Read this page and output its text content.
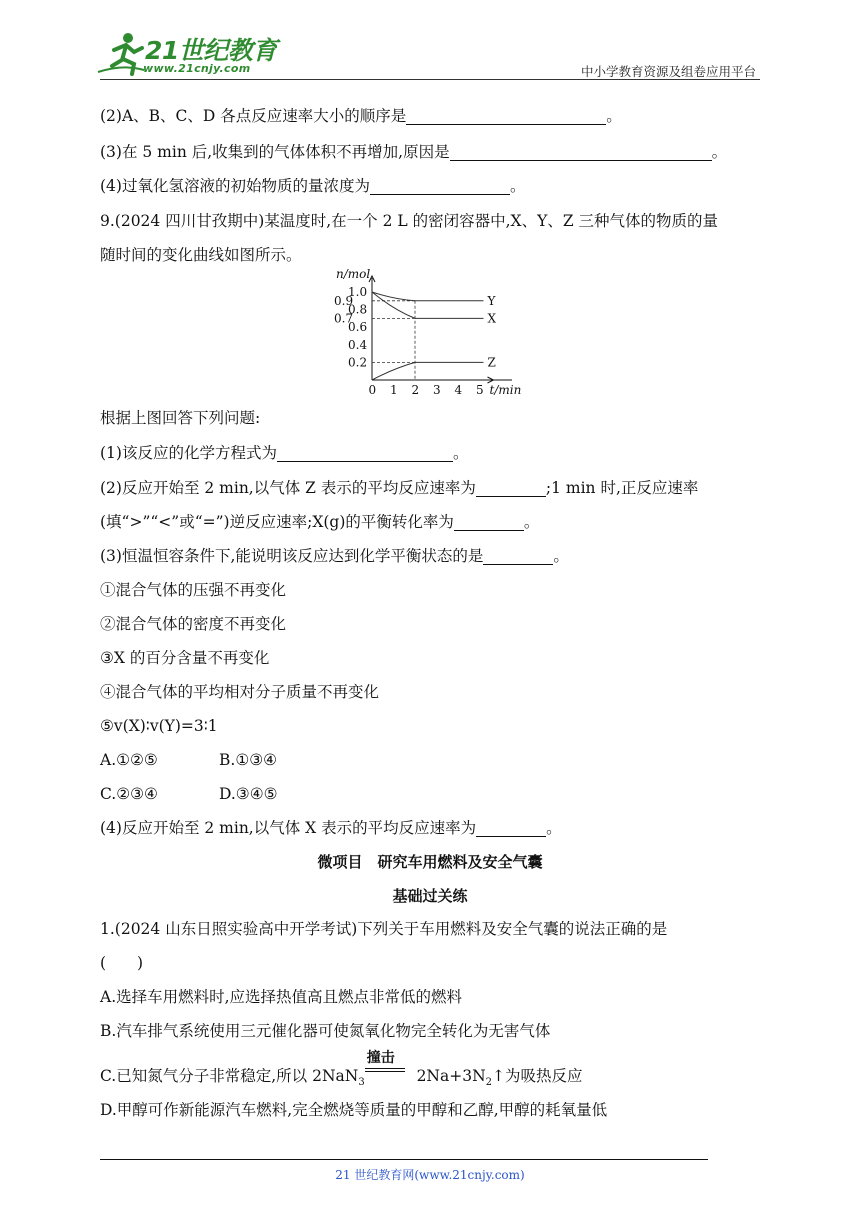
21世纪教育
www.21cnjy.com	中小学教育资源及组卷应用平台
(2)A、B、C、D 各点反应速率大小的顺序是	。
(3)在 5 min 后,收集到的气体体积不再增加,原因是	。
(4)过氧化氢溶液的初始物质的量浓度为	。
9.(2024 四川甘孜期中)某温度时,在一个 2 L 的密闭容器中,X、Y、Z 三种气体的物质的量
随时间的变化曲线如图所示。
n/mol
t/min
1.0
0.9
0.8
0.7
0.6
0.4
0.2
0 1 2 3 4 5
Y
X
Z
根据上图回答下列问题:
(1)该反应的化学方程式为	。
(2)反应开始至 2 min,以气体 Z 表示的平均反应速率为	;1 min 时,正反应速率
(填“>”“<”或“=”)逆反应速率;X(g)的平衡转化率为	。
(3)恒温恒容条件下,能说明该反应达到化学平衡状态的是	。
①混合气体的压强不再变化
②混合气体的密度不再变化
③X 的百分含量不再变化
④混合气体的平均相对分子质量不再变化
⑤v(X)∶v(Y)=3∶1
A.①②⑤	B.①③④
C.②③④	D.③④⑤
(4)反应开始至 2 min,以气体 X 表示的平均反应速率为	。
微项目　研究车用燃料及安全气囊
基础过关练
1.(2024 山东日照实验高中开学考试)下列关于车用燃料及安全气囊的说法正确的是
(　　)
A.选择车用燃料时,应选择热值高且燃点非常低的燃料
B.汽车排气系统使用三元催化器可使氮氧化物完全转化为无害气体
C.已知氮气分子非常稳定,所以 2NaN$_3$
撞击
$2Na+3N_2↑$为吸热反应
D.甲醇可作新能源汽车燃料,完全燃烧等质量的甲醇和乙醇,甲醇的耗氧量低
21 世纪教育网(www.21cnjy.com)
